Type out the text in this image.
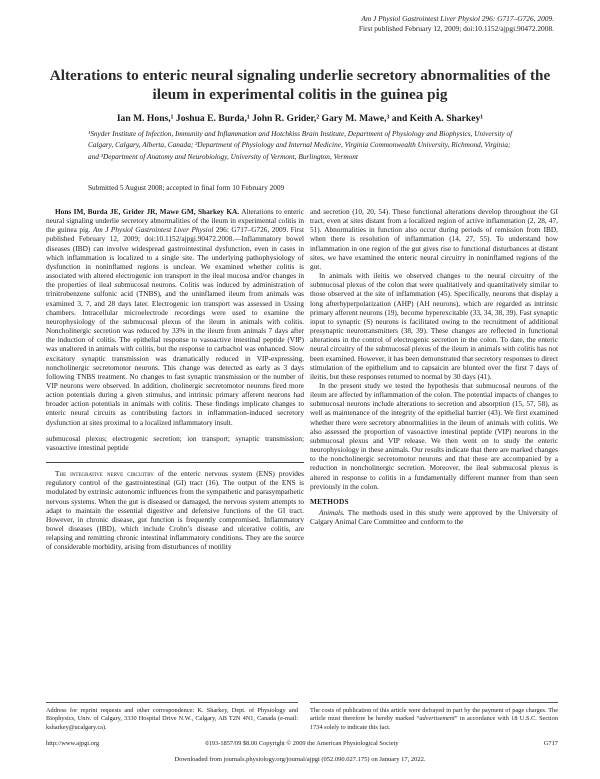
Am J Physiol Gastrointest Liver Physiol 296: G717–G726, 2009.
First published February 12, 2009; doi:10.1152/ajpgi.90472.2008.
Alterations to enteric neural signaling underlie secretory abnormalities of the ileum in experimental colitis in the guinea pig
Ian M. Hons,¹ Joshua E. Burda,¹ John R. Grider,² Gary M. Mawe,³ and Keith A. Sharkey¹
¹Snyder Institute of Infection, Immunity and Inflammation and Hotchkiss Brain Institute, Department of Physiology and Biophysics, University of Calgary, Calgary, Alberta, Canada; ²Department of Physiology and Internal Medicine, Virginia Commonwealth University, Richmond, Virginia; and ³Department of Anatomy and Neurobiology, University of Vermont, Burlington, Vermont
Submitted 5 August 2008; accepted in final form 10 February 2009

Hons IM, Burda JE, Grider JR, Mawe GM, Sharkey KA. Alterations to enteric neural signaling underlie secretory abnormalities of the ileum in experimental colitis in the guinea pig. Am J Physiol Gastrointest Liver Physiol 296: G717–G726, 2009. First published February 12, 2009; doi:10.1152/ajpgi.90472.2008.—Inflammatory bowel diseases (IBD) can involve widespread gastrointestinal dysfunction, even in cases in which inflammation is localized to a single site. The underlying pathophysiology of dysfunction in noninflamed regions is unclear. We examined whether colitis is associated with altered electrogenic ion transport in the ileal mucosa and/or changes in the properties of ileal submucosal neurons. Colitis was induced by administration of trinitrobenzene sulfonic acid (TNBS), and the uninflamed ileum from animals was examined 3, 7, and 28 days later. Electrogenic ion transport was assessed in Ussing chambers. Intracellular microelectrode recordings were used to examine the neurophysiology of the submucosal plexus of the ileum in animals with colitis. Noncholinergic secretion was reduced by 33% in the ileum from animals 7 days after the induction of colitis. The epithelial response to vasoactive intestinal peptide (VIP) was unaltered in animals with colitis, but the response to carbachol was enhanced. Slow excitatory synaptic transmission was dramatically reduced in VIP-expressing, noncholinergic secretomotor neurons. This change was detected as early as 3 days following TNBS treatment. No changes to fast synaptic transmission or the number of VIP neurons were observed. In addition, cholinergic secretomotor neurons fired more action potentials during a given stimulus, and intrinsic primary afferent neurons had broader action potentials in animals with colitis. These findings implicate changes to enteric neural circuits as contributing factors in inflammation-induced secretory dysfunction at sites proximal to a localized inflammatory insult.

submucosal plexus; electrogenic secretion; ion transport; synaptic transmission; vasoactive intestinal peptide

The integrative nerve circuitry of the enteric nervous system (ENS) provides regulatory control of the gastrointestinal (GI) tract (16). The output of the ENS is modulated by extrinsic autonomic influences from the sympathetic and parasympathetic nervous systems. When the gut is diseased or damaged, the nervous system attempts to adapt to maintain the essential digestive and defensive functions of the GI tract. However, in chronic disease, gut function is frequently compromised. Inflammatory bowel diseases (IBD), which include Crohn’s disease and ulcerative colitis, are relapsing and remitting chronic intestinal inflammatory conditions. They are the source of considerable morbidity, arising from disturbances of motility

and secretion (10, 20, 54). These functional alterations develop throughout the GI tract, even at sites distant from a localized region of active inflammation (2, 28, 47, 51). Abnormalities in function also occur during periods of remission from IBD, when there is resolution of inflammation (14, 27, 55). To understand how inflammation in one region of the gut gives rise to functional disturbances at distant sites, we have examined the enteric neural circuitry in noninflamed regions of the gut.

In animals with ileitis we observed changes to the neural circuitry of the submucosal plexus of the colon that were qualitatively and quantitatively similar to those observed at the site of inflammation (45). Specifically, neurons that display a long afterhyperpolarization (AHP) (AH neurons), which are regarded as intrinsic primary afferent neurons (19), become hyperexcitable (33, 34, 38, 39). Fast synaptic input to synaptic (S) neurons is facilitated owing to the recruitment of additional presynaptic neurotransmitters (38, 39). These changes are reflected in functional alterations in the control of electrogenic secretion in the colon. To date, the enteric neural circuitry of the submucosal plexus of the ileum in animals with colitis has not been examined. However, it has been demonstrated that secretory responses to direct stimulation of the epithelium and to capsaicin are blunted over the first 7 days of ileitis, but these responses returned to normal by 30 days (41).

In the present study we tested the hypothesis that submucosal neurons of the ileum are affected by inflammation of the colon. The potential impacts of changes to submucosal neurons include alterations to secretion and absorption (15, 57, 58), as well as maintenance of the integrity of the epithelial barrier (43). We first examined whether there were secretory abnormalities in the ileum of animals with colitis. We also assessed the proportion of vasoactive intestinal peptide (VIP) neurons in the submucosal plexus and VIP release. We then went on to study the enteric neurophysiology in these animals. Our results indicate that there are marked changes to the noncholinergic secretomotor neurons and that these are accompanied by a reduction in noncholinergic secretion. Moreover, the ileal submucosal plexus is altered in response to colitis in a fundamentally different manner from than seen previously in the colon.

METHODS

Animals. The methods used in this study were approved by the University of Calgary Animal Care Committee and conform to the

Address for reprint requests and other correspondence: K. Sharkey, Dept. of Physiology and Biophysics, Univ. of Calgary, 3330 Hospital Drive N.W., Calgary, AB T2N 4N1, Canada (e-mail: ksharkey@ucalgary.ca).
The costs of publication of this article were defrayed in part by the payment of page charges. The article must therefore be hereby marked “advertisement” in accordance with 18 U.S.C. Section 1734 solely to indicate this fact.
http://www.ajpgi.org	0193-1857/09 $8.00 Copyright © 2009 the American Physiological Society	G717
Downloaded from journals.physiology.org/journal/ajpgi (052.090.027.175) on January 17, 2022.
